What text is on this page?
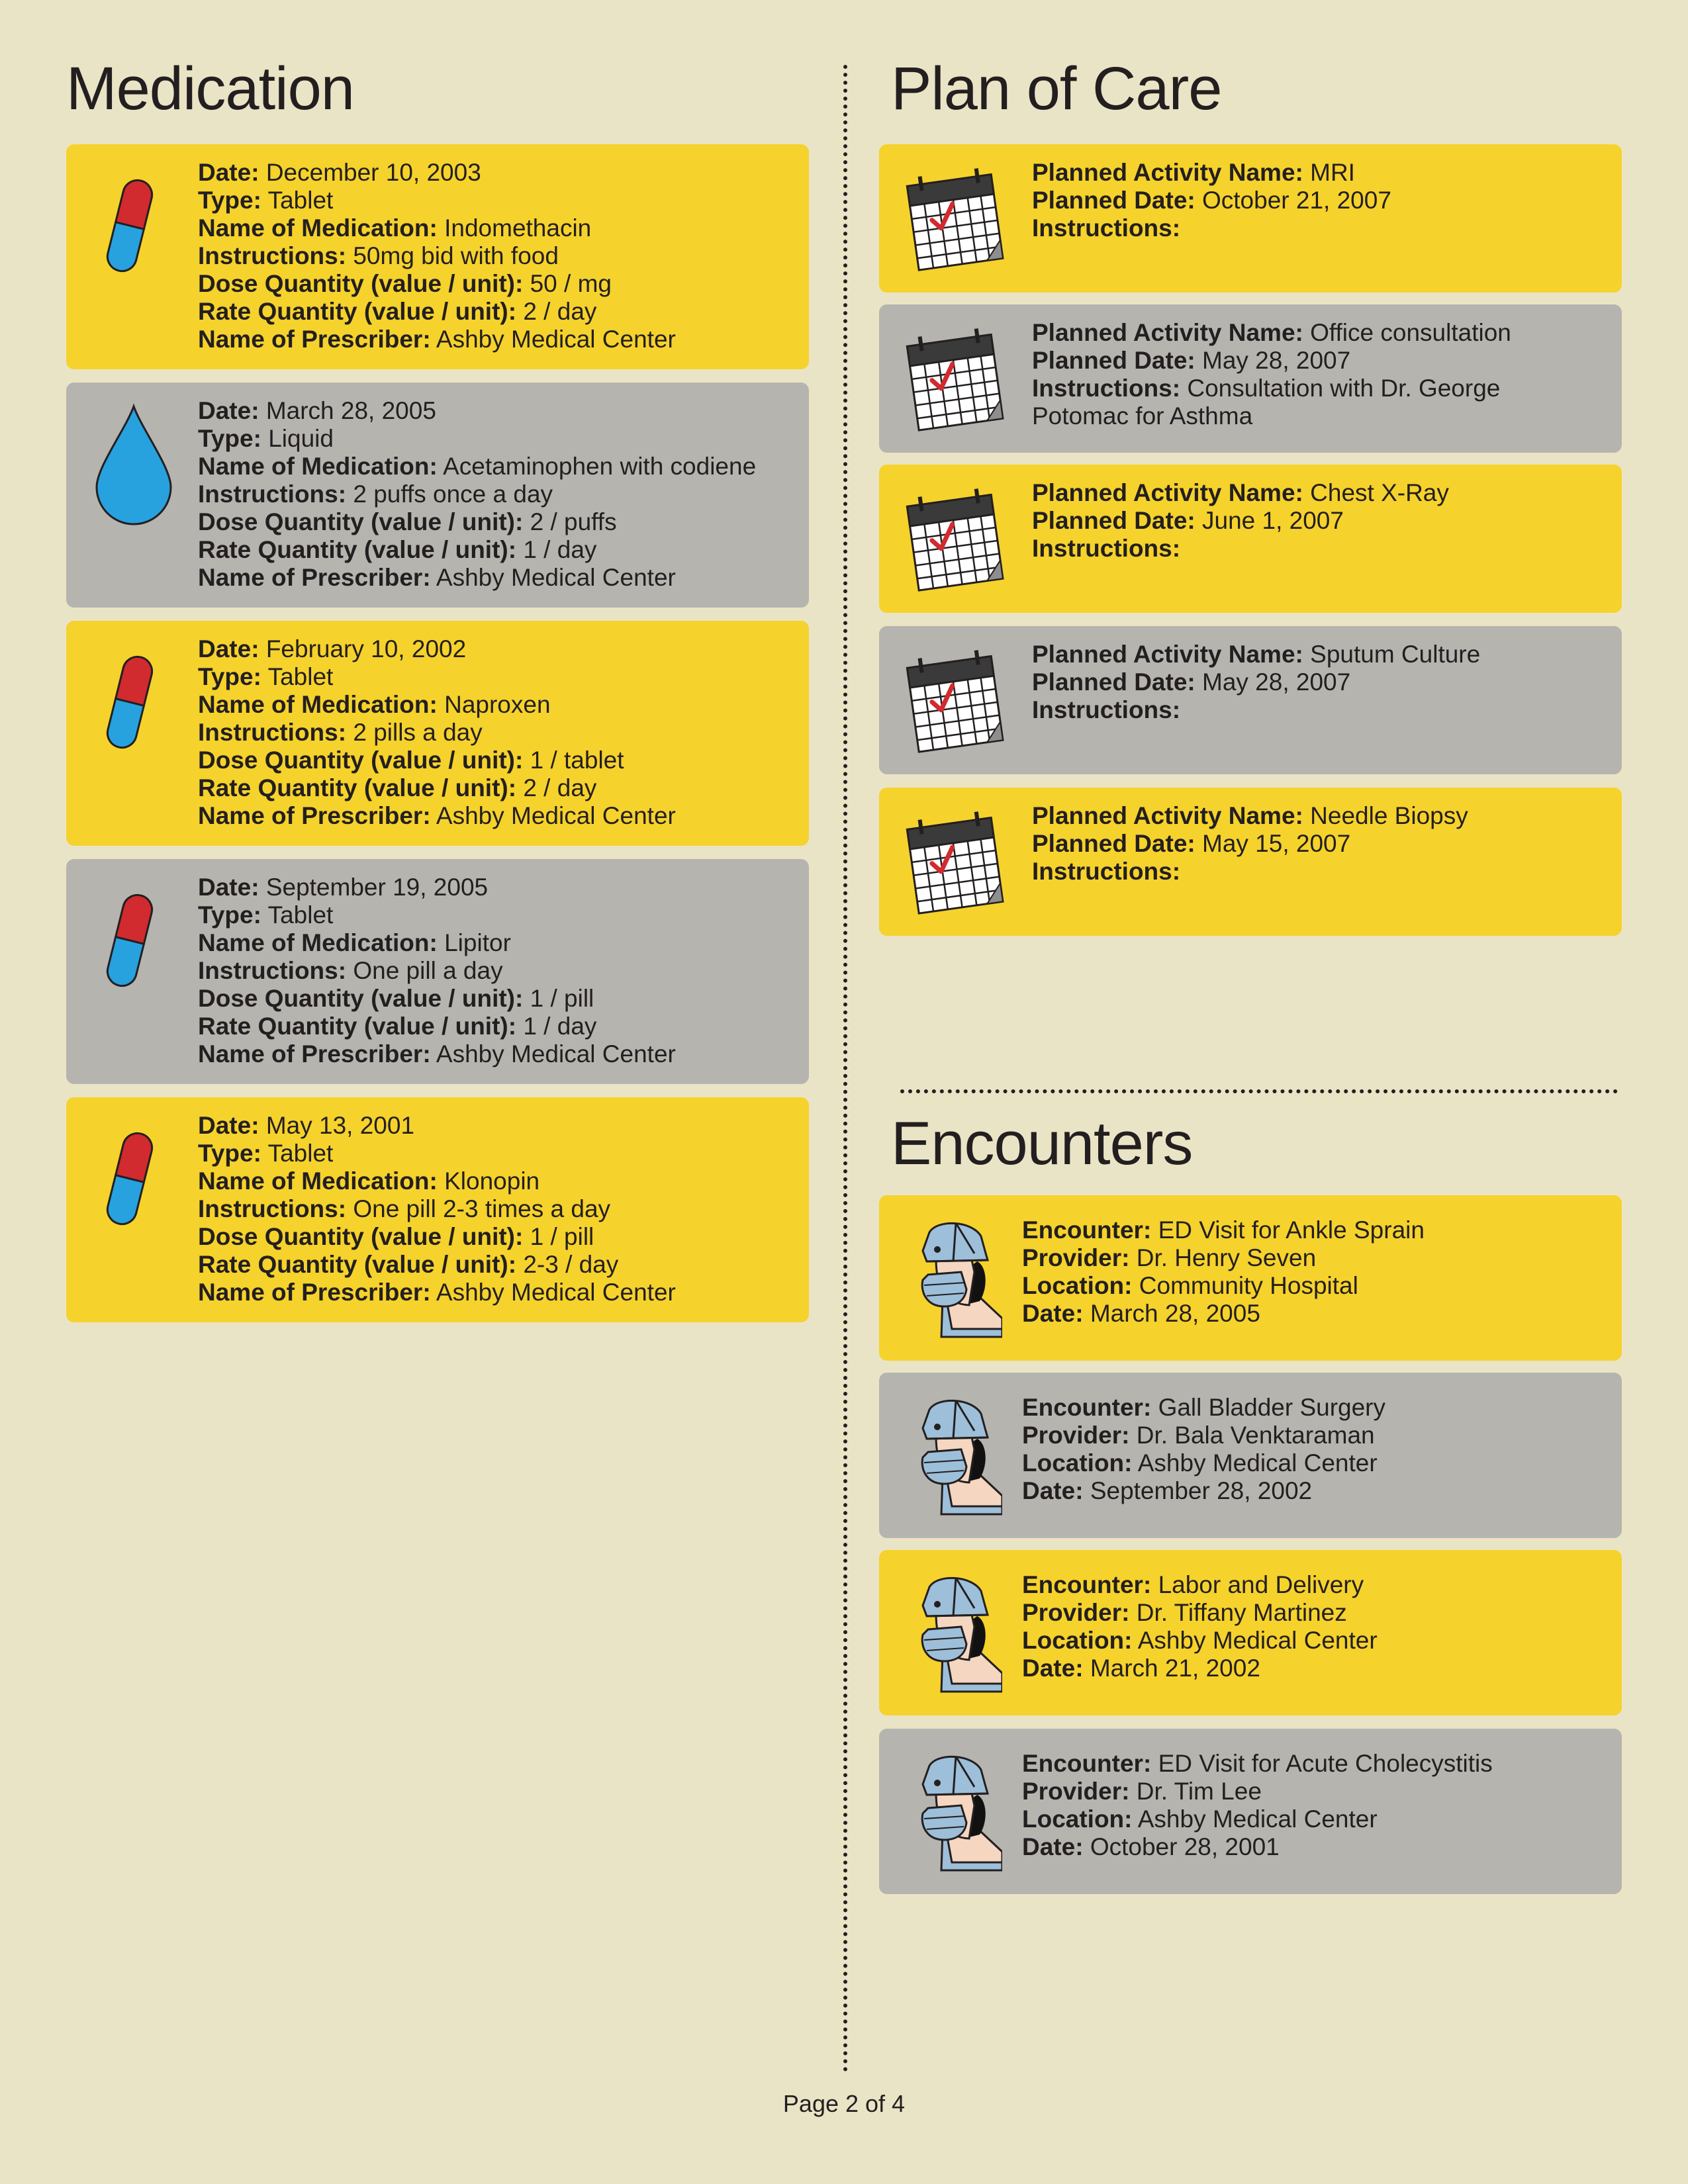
Medication	Plan of Care
Encounters
Date: December 10, 2003
Type: Tablet
Name of Medication: Indomethacin
Instructions: 50mg bid with food
Dose Quantity (value / unit): 50 / mg
Rate Quantity (value / unit): 2 / day
Name of Prescriber: Ashby Medical Center
Date: March 28, 2005
Type: Liquid
Name of Medication: Acetaminophen with codiene
Instructions: 2 puffs once a day
Dose Quantity (value / unit): 2 / puffs
Rate Quantity (value / unit): 1 / day
Name of Prescriber: Ashby Medical Center
Date: February 10, 2002
Type: Tablet
Name of Medication: Naproxen
Instructions: 2 pills a day
Dose Quantity (value / unit): 1 / tablet
Rate Quantity (value / unit): 2 / day
Name of Prescriber: Ashby Medical Center
Date: September 19, 2005
Type: Tablet
Name of Medication: Lipitor
Instructions: One pill a day
Dose Quantity (value / unit): 1 / pill
Rate Quantity (value / unit): 1 / day
Name of Prescriber: Ashby Medical Center
Date: May 13, 2001
Type: Tablet
Name of Medication: Klonopin
Instructions: One pill 2-3 times a day
Dose Quantity (value / unit): 1 / pill
Rate Quantity (value / unit): 2-3 / day
Name of Prescriber: Ashby Medical Center
Planned Activity Name: MRI
Planned Date: October 21, 2007
Instructions:
Planned Activity Name: Office consultation
Planned Date: May 28, 2007
Instructions: Consultation with Dr. George Potomac for Asthma
Planned Activity Name: Chest X-Ray
Planned Date: June 1, 2007
Instructions:
Planned Activity Name: Sputum Culture
Planned Date: May 28, 2007
Instructions:
Planned Activity Name: Needle Biopsy
Planned Date: May 15, 2007
Instructions:
Encounter: ED Visit for Ankle Sprain
Provider: Dr. Henry Seven
Location: Community Hospital
Date: March 28, 2005
Encounter: Gall Bladder Surgery
Provider: Dr. Bala Venktaraman
Location: Ashby Medical Center
Date: September 28, 2002
Encounter: Labor and Delivery
Provider: Dr. Tiffany Martinez
Location: Ashby Medical Center
Date: March 21, 2002
Encounter: ED Visit for Acute Cholecystitis
Provider: Dr. Tim Lee
Location: Ashby Medical Center
Date: October 28, 2001
Page 2 of 4
